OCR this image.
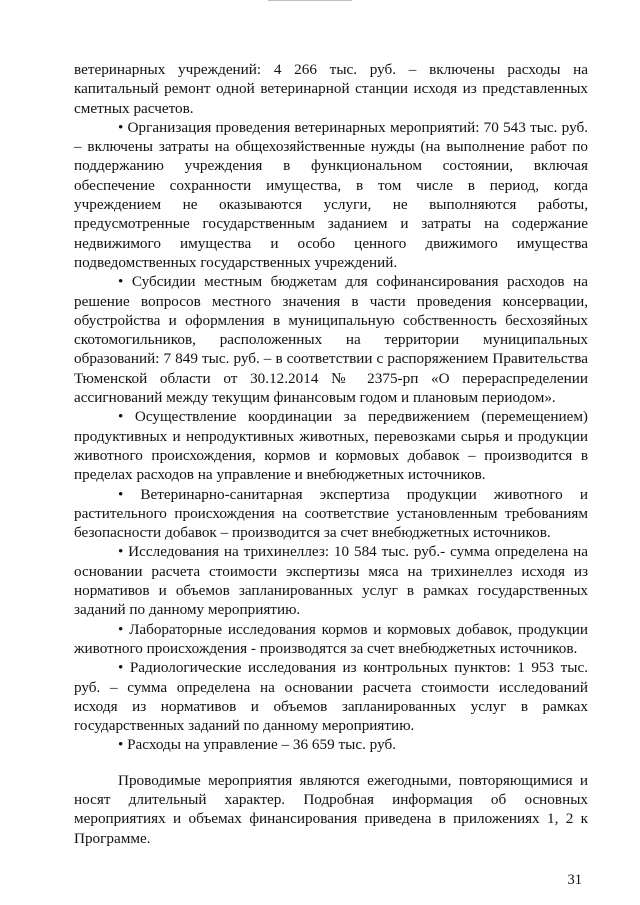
ветеринарных учреждений: 4 266 тыс. руб. – включены расходы на капитальный ремонт одной ветеринарной станции исходя из представленных сметных расчетов.

• Организация проведения ветеринарных мероприятий: 70 543 тыс. руб. – включены затраты на общехозяйственные нужды (на выполнение работ по поддержанию учреждения в функциональном состоянии, включая обеспечение сохранности имущества, в том числе в период, когда учреждением не оказываются услуги, не выполняются работы, предусмотренные государственным заданием и затраты на содержание недвижимого имущества и особо ценного движимого имущества подведомственных государственных учреждений.

• Субсидии местным бюджетам для софинансирования расходов на решение вопросов местного значения в части проведения консервации, обустройства и оформления в муниципальную собственность бесхозяйных скотомогильников, расположенных на территории муниципальных образований: 7 849 тыс. руб. – в соответствии с распоряжением Правительства Тюменской области от 30.12.2014 № 2375-рп «О перераспределении ассигнований между текущим финансовым годом и плановым периодом».

• Осуществление координации за передвижением (перемещением) продуктивных и непродуктивных животных, перевозками сырья и продукции животного происхождения, кормов и кормовых добавок – производится в пределах расходов на управление и внебюджетных источников.

• Ветеринарно-санитарная экспертиза продукции животного и растительного происхождения на соответствие установленным требованиям безопасности добавок – производится за счет внебюджетных источников.

• Исследования на трихинеллез: 10 584 тыс. руб.- сумма определена на основании расчета стоимости экспертизы мяса на трихинеллез исходя из нормативов и объемов запланированных услуг в рамках государственных заданий по данному мероприятию.

• Лабораторные исследования кормов и кормовых добавок, продукции животного происхождения - производятся за счет внебюджетных источников.

• Радиологические исследования из контрольных пунктов: 1 953 тыс. руб. – сумма определена на основании расчета стоимости исследований исходя из нормативов и объемов запланированных услуг в рамках государственных заданий по данному мероприятию.

• Расходы на управление – 36 659 тыс. руб.

Проводимые мероприятия являются ежегодными, повторяющимися и носят длительный характер. Подробная информация об основных мероприятиях и объемах финансирования приведена в приложениях 1, 2 к Программе.

31
